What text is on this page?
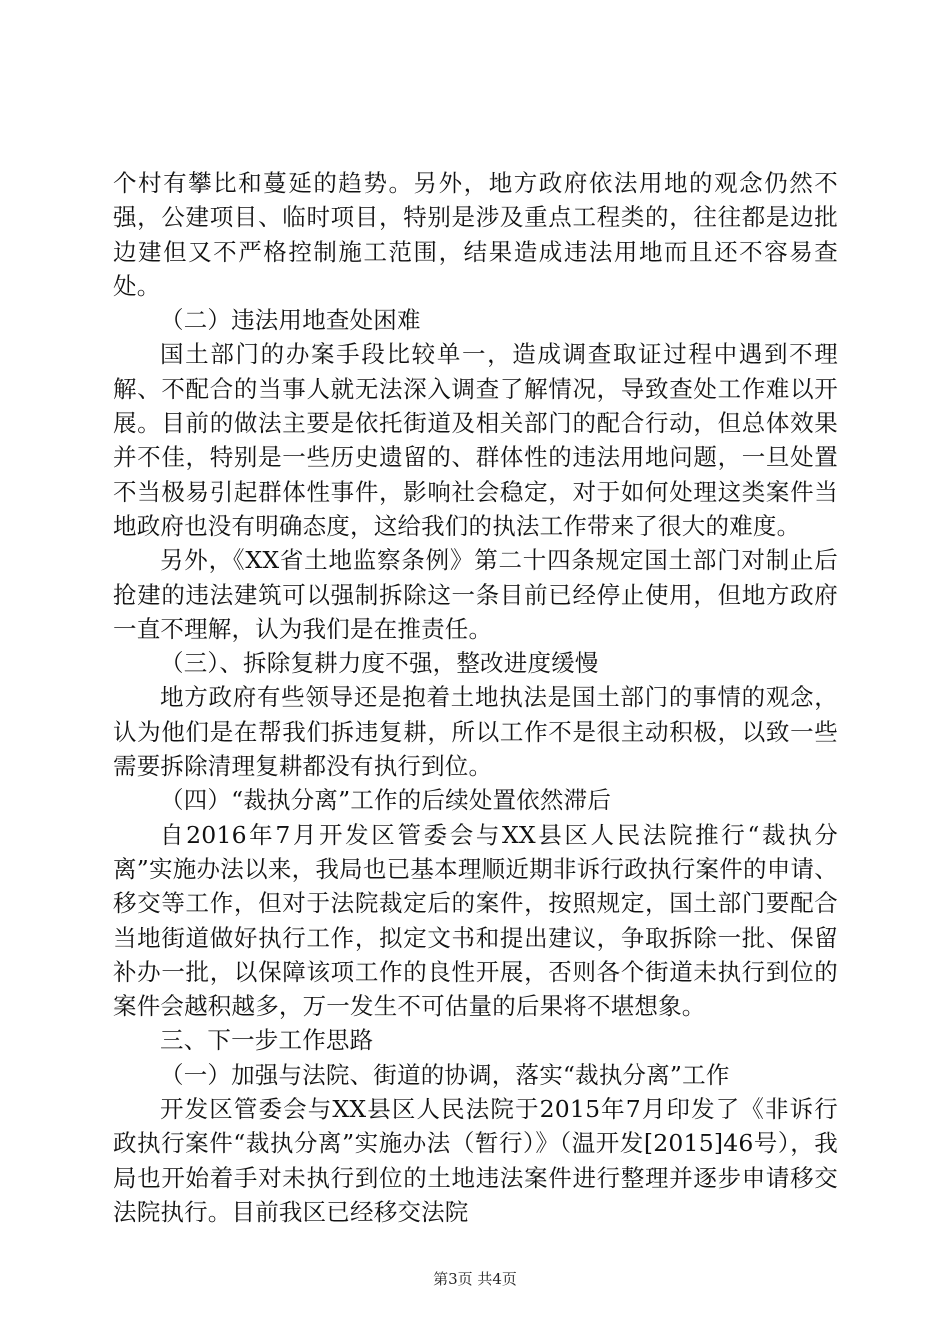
个村有攀比和蔓延的趋势。另外，地方政府依法用地的观念仍然不强，公建项目、临时项目，特别是涉及重点工程类的，往往都是边批边建但又不严格控制施工范围，结果造成违法用地而且还不容易查处。

（二）违法用地查处困难

国土部门的办案手段比较单一，造成调查取证过程中遇到不理解、不配合的当事人就无法深入调查了解情况，导致查处工作难以开展。目前的做法主要是依托街道及相关部门的配合行动，但总体效果并不佳，特别是一些历史遗留的、群体性的违法用地问题，一旦处置不当极易引起群体性事件，影响社会稳定，对于如何处理这类案件当地政府也没有明确态度，这给我们的执法工作带来了很大的难度。

另外，《XX省土地监察条例》第二十四条规定国土部门对制止后抢建的违法建筑可以强制拆除这一条目前已经停止使用，但地方政府一直不理解，认为我们是在推责任。

（三）、拆除复耕力度不强，整改进度缓慢

地方政府有些领导还是抱着土地执法是国土部门的事情的观念，认为他们是在帮我们拆违复耕，所以工作不是很主动积极，以致一些需要拆除清理复耕都没有执行到位。

（四）“裁执分离”工作的后续处置依然滞后

自2016年7月开发区管委会与XX县区人民法院推行“裁执分离”实施办法以来，我局也已基本理顺近期非诉行政执行案件的申请、移交等工作，但对于法院裁定后的案件，按照规定，国土部门要配合当地街道做好执行工作，拟定文书和提出建议，争取拆除一批、保留补办一批，以保障该项工作的良性开展，否则各个街道未执行到位的案件会越积越多，万一发生不可估量的后果将不堪想象。

三、下一步工作思路

（一）加强与法院、街道的协调，落实“裁执分离”工作

开发区管委会与XX县区人民法院于2015年7月印发了《非诉行政执行案件“裁执分离”实施办法（暂行）》（温开发[2015]46号），我局也开始着手对未执行到位的土地违法案件进行整理并逐步申请移交法院执行。目前我区已经移交法院

第3页 共4页
